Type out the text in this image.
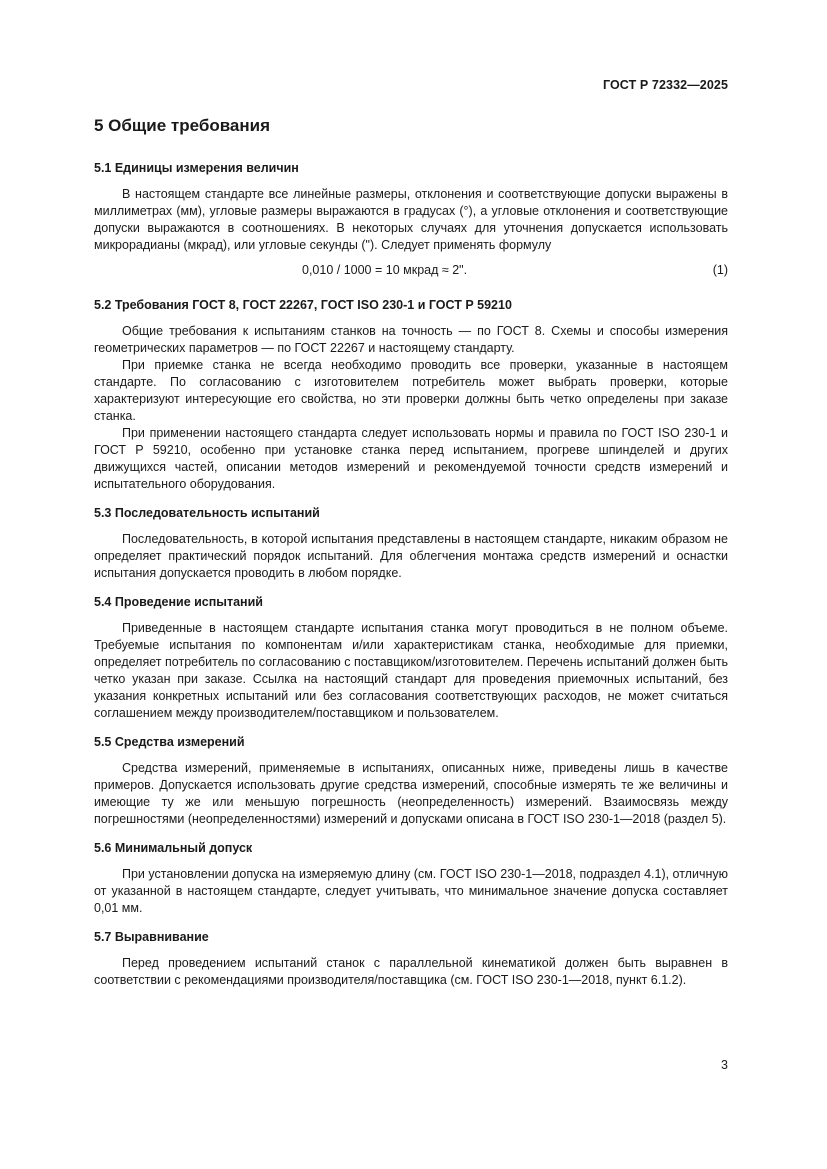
ГОСТ Р 72332—2025
5 Общие требования
5.1 Единицы измерения величин

В настоящем стандарте все линейные размеры, отклонения и соответствующие допуски выражены в миллиметрах (мм), угловые размеры выражаются в градусах (°), а угловые отклонения и соответствующие допуски выражаются в соотношениях. В некоторых случаях для уточнения допускается использовать микрорадианы (мкрад), или угловые секунды ("). Следует применять формулу

0,010 / 1000 = 10 мкрад ≈ 2".	(1)
5.2 Требования ГОСТ 8, ГОСТ 22267, ГОСТ ISO 230-1 и ГОСТ Р 59210

Общие требования к испытаниям станков на точность — по ГОСТ 8. Схемы и способы измерения геометрических параметров — по ГОСТ 22267 и настоящему стандарту.

При приемке станка не всегда необходимо проводить все проверки, указанные в настоящем стандарте. По согласованию с изготовителем потребитель может выбрать проверки, которые характеризуют интересующие его свойства, но эти проверки должны быть четко определены при заказе станка.

При применении настоящего стандарта следует использовать нормы и правила по ГОСТ ISO 230-1 и ГОСТ Р 59210, особенно при установке станка перед испытанием, прогреве шпинделей и других движущихся частей, описании методов измерений и рекомендуемой точности средств измерений и испытательного оборудования.

5.3 Последовательность испытаний

Последовательность, в которой испытания представлены в настоящем стандарте, никаким образом не определяет практический порядок испытаний. Для облегчения монтажа средств измерений и оснастки испытания допускается проводить в любом порядке.

5.4 Проведение испытаний

Приведенные в настоящем стандарте испытания станка могут проводиться в не полном объеме. Требуемые испытания по компонентам и/или характеристикам станка, необходимые для приемки, определяет потребитель по согласованию с поставщиком/изготовителем. Перечень испытаний должен быть четко указан при заказе. Ссылка на настоящий стандарт для проведения приемочных испытаний, без указания конкретных испытаний или без согласования соответствующих расходов, не может считаться соглашением между производителем/поставщиком и пользователем.

5.5 Средства измерений

Средства измерений, применяемые в испытаниях, описанных ниже, приведены лишь в качестве примеров. Допускается использовать другие средства измерений, способные измерять те же величины и имеющие ту же или меньшую погрешность (неопределенность) измерений. Взаимосвязь между погрешностями (неопределенностями) измерений и допусками описана в ГОСТ ISO 230-1—2018 (раздел 5).

5.6 Минимальный допуск

При установлении допуска на измеряемую длину (см. ГОСТ ISO 230-1—2018, подраздел 4.1), отличную от указанной в настоящем стандарте, следует учитывать, что минимальное значение допуска составляет 0,01 мм.

5.7 Выравнивание

Перед проведением испытаний станок с параллельной кинематикой должен быть выравнен в соответствии с рекомендациями производителя/поставщика (см. ГОСТ ISO 230-1—2018, пункт 6.1.2).

3
